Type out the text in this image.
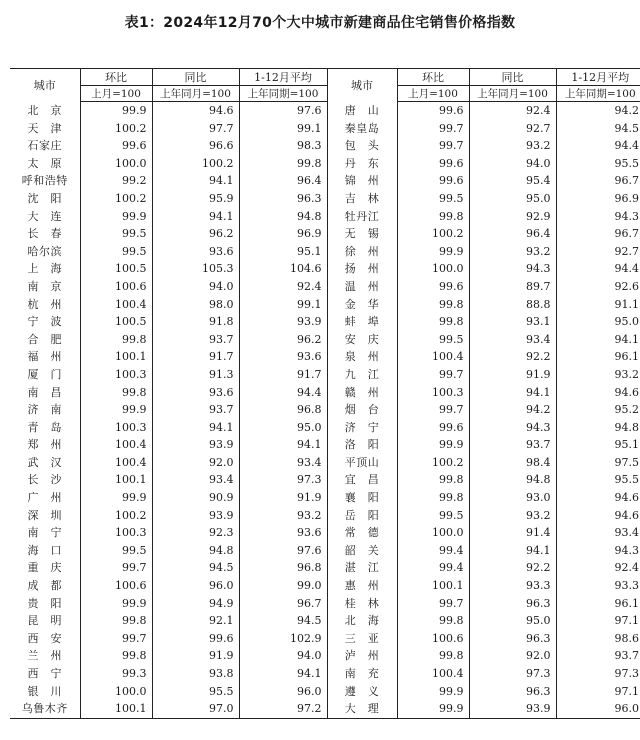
表1：2024年12月70个大中城市新建商品住宅销售价格指数
城市	环比	同比	1-12月平均	城市	环比	同比	1-12月平均
	上月=100	上年同月=100	上年同期=100		上月=100	上年同月=100	上年同期=100
北　京	99.9	94.6	97.6	唐　山	99.6	92.4	94.2
天　津	100.2	97.7	99.1	秦皇岛	99.7	92.7	94.5
石家庄	99.6	96.6	98.3	包　头	99.7	93.2	94.4
太　原	100.0	100.2	99.8	丹　东	99.6	94.0	95.5
呼和浩特	99.2	94.1	96.4	锦　州	99.6	95.4	96.7
沈　阳	100.2	95.9	96.3	吉　林	99.5	95.0	96.9
大　连	99.9	94.1	94.8	牡丹江	99.8	92.9	94.3
长　春	99.5	96.2	96.9	无　锡	100.2	96.4	96.7
哈尔滨	99.5	93.6	95.1	徐　州	99.9	93.2	92.7
上　海	100.5	105.3	104.6	扬　州	100.0	94.3	94.4
南　京	100.6	94.0	92.4	温　州	99.6	89.7	92.6
杭　州	100.4	98.0	99.1	金　华	99.8	88.8	91.1
宁　波	100.5	91.8	93.9	蚌　埠	99.8	93.1	95.0
合　肥	99.8	93.7	96.2	安　庆	99.5	93.4	94.1
福　州	100.1	91.7	93.6	泉　州	100.4	92.2	96.1
厦　门	100.3	91.3	91.7	九　江	99.7	91.9	93.2
南　昌	99.8	93.6	94.4	赣　州	100.3	94.1	94.6
济　南	99.9	93.7	96.8	烟　台	99.7	94.2	95.2
青　岛	100.3	94.1	95.0	济　宁	99.6	94.3	94.8
郑　州	100.4	93.9	94.1	洛　阳	99.9	93.7	95.1
武　汉	100.4	92.0	93.4	平顶山	100.2	98.4	97.5
长　沙	100.1	93.4	97.3	宜　昌	99.8	94.8	95.5
广　州	99.9	90.9	91.9	襄　阳	99.8	93.0	94.6
深　圳	100.2	93.9	93.2	岳　阳	99.5	93.2	94.6
南　宁	100.3	92.3	93.6	常　德	100.0	91.4	93.4
海　口	99.5	94.8	97.6	韶　关	99.4	94.1	94.3
重　庆	99.7	94.5	96.8	湛　江	99.4	92.2	92.4
成　都	100.6	96.0	99.0	惠　州	100.1	93.3	93.3
贵　阳	99.9	94.9	96.7	桂　林	99.7	96.3	96.1
昆　明	99.8	92.1	94.5	北　海	99.8	95.0	97.1
西　安	99.7	99.6	102.9	三　亚	100.6	96.3	98.6
兰　州	99.8	91.9	94.0	泸　州	99.8	92.0	93.7
西　宁	99.3	93.8	94.1	南　充	100.4	97.3	97.3
银　川	100.0	95.5	96.0	遵　义	99.9	96.3	97.1
乌鲁木齐	100.1	97.0	97.2	大　理	99.9	93.9	96.0
